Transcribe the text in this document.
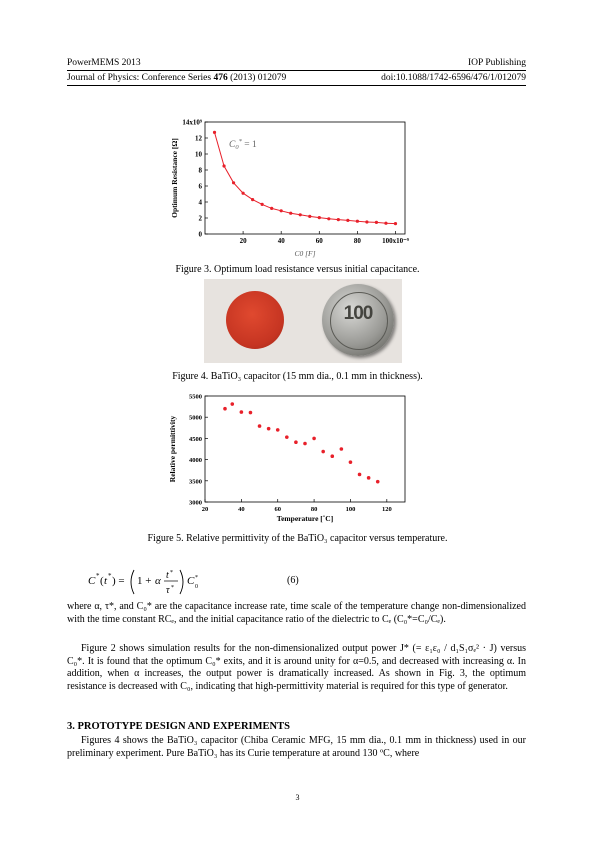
PowerMEMS 2013	IOP Publishing
Journal of Physics: Conference Series 476 (2013) 012079	doi:10.1088/1742-6596/476/1/012079
20	40	60	80	100x10⁻⁹
0
2
4
6
8
10
12
14x10⁹
C0 [F]
Optimum Resistance [Ω]	$C_0^* = 1$
Figure 3. Optimum load resistance versus initial capacitance.
100
Figure 4. BaTiO₃ capacitor (15 mm dia., 0.1 mm in thickness).
20	40	60	80	100	120
3000
3500
4000
4500
5000
5500
Temperature [˚C]
Relative permittivity
Figure 5. Relative permittivity of the BaTiO₃ capacitor versus temperature.
C * ( t * ) = 1 + α t *
τ *
C *
0
(6)
where α, τ*, and C₀* are the capacitance increase rate, time scale of the temperature change non-dimensionalized with the time constant RCₑ, and the initial capacitance ratio of the dielectric to Cₑ (C₀*=C₀/Cₑ).
Figure 2 shows simulation results for the non-dimensionalized output power J* (= ε₁ε₀ / d₁S₁σₑ² · J) versus C₀*. It is found that the optimum C₀* exits, and it is around unity for α=0.5, and decreased with increasing α. In addition, when α increases, the output power is dramatically increased. As shown in Fig. 3, the optimum resistance is decreased with C₀, indicating that high-permittivity material is required for this type of generator.
3. PROTOTYPE DESIGN AND EXPERIMENTS
Figures 4 shows the BaTiO₃ capacitor (Chiba Ceramic MFG, 15 mm dia., 0.1 mm in thickness) used in our preliminary experiment. Pure BaTiO₃ has its Curie temperature at around 130 ºC, where
3
